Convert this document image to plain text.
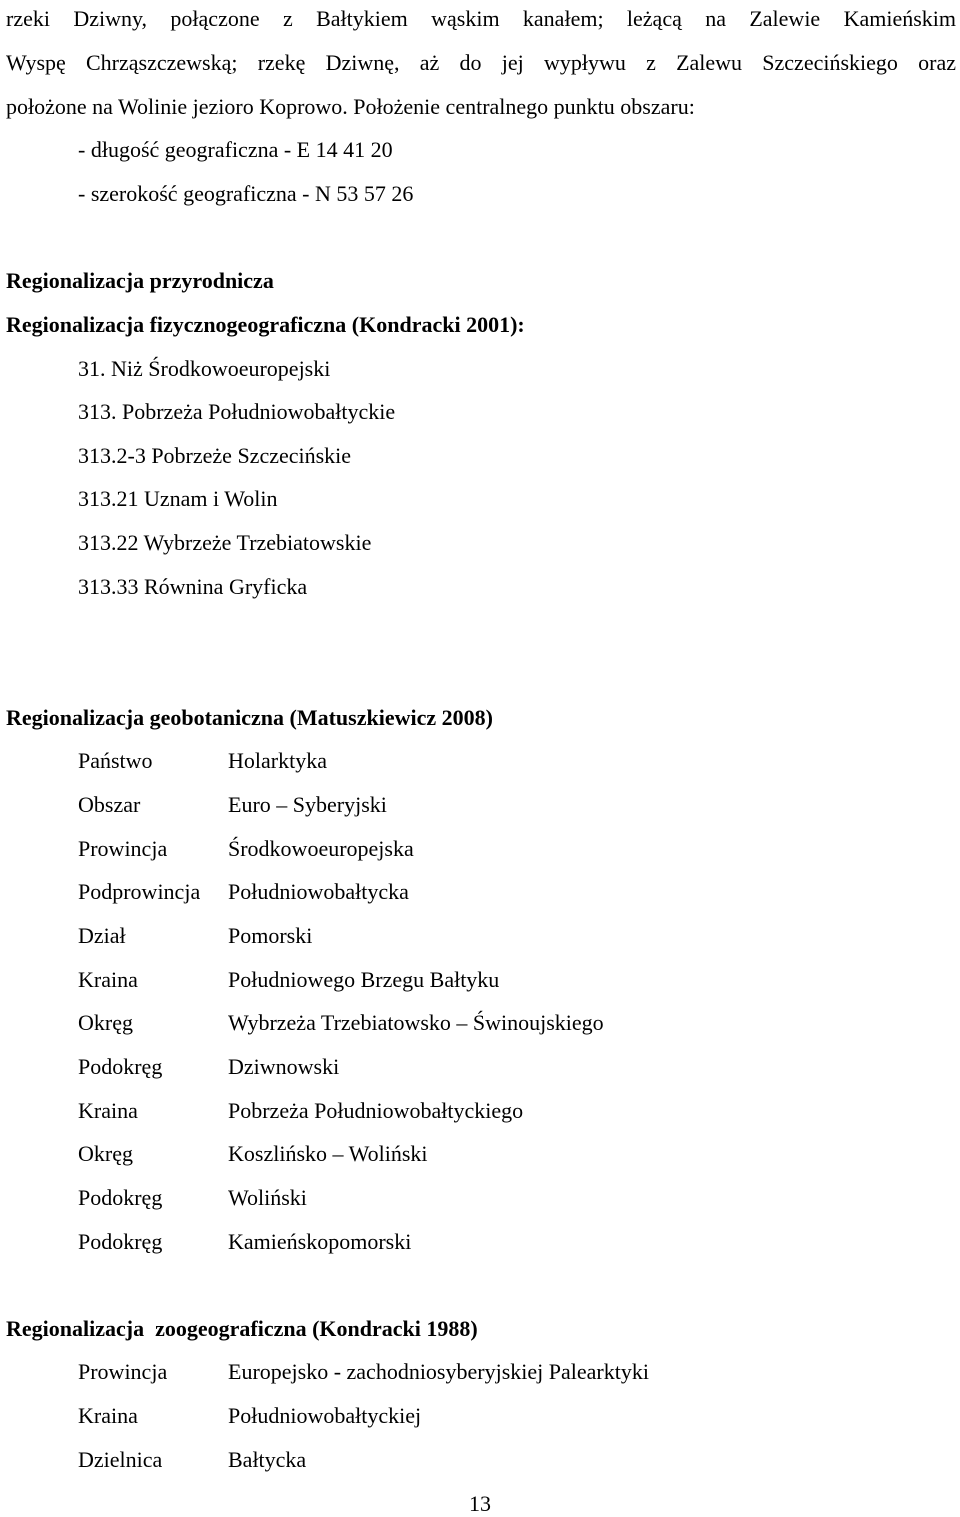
rzeki Dziwny, połączone z Bałtykiem wąskim kanałem; leżącą na Zalewie Kamieńskim
Wyspę Chrząszczewską; rzekę Dziwnę, aż do jej wypływu z Zalewu Szczecińskiego oraz
położone na Wolinie jezioro Koprowo. Położenie centralnego punktu obszaru:
- długość geograficzna - E 14 41 20
- szerokość geograficzna - N 53 57 26
Regionalizacja przyrodnicza
Regionalizacja fizycznogeograficzna (Kondracki 2001):
31. Niż Środkowoeuropejski
313. Pobrzeża Południowobałtyckie
313.2-3 Pobrzeże Szczecińskie
313.21 Uznam i Wolin
313.22 Wybrzeże Trzebiatowskie
313.33 Równina Gryficka
Regionalizacja geobotaniczna (Matuszkiewicz 2008)
Państwo	Holarktyka
Obszar	Euro – Syberyjski
Prowincja	Środkowoeuropejska
Podprowincja Południowobałtycka
Dział	Pomorski
Kraina	Południowego Brzegu Bałtyku
Okręg	Wybrzeża Trzebiatowsko – Świnoujskiego
Podokręg	Dziwnowski
Kraina	Pobrzeża Południowobałtyckiego
Okręg	Koszlińsko – Woliński
Podokręg	Woliński
Podokręg	Kamieńskopomorski
Regionalizacja  zoogeograficzna (Kondracki 1988)
Prowincja	Europejsko - zachodniosyberyjskiej Palearktyki
Kraina	Południowobałtyckiej
Dzielnica	Bałtycka
13
